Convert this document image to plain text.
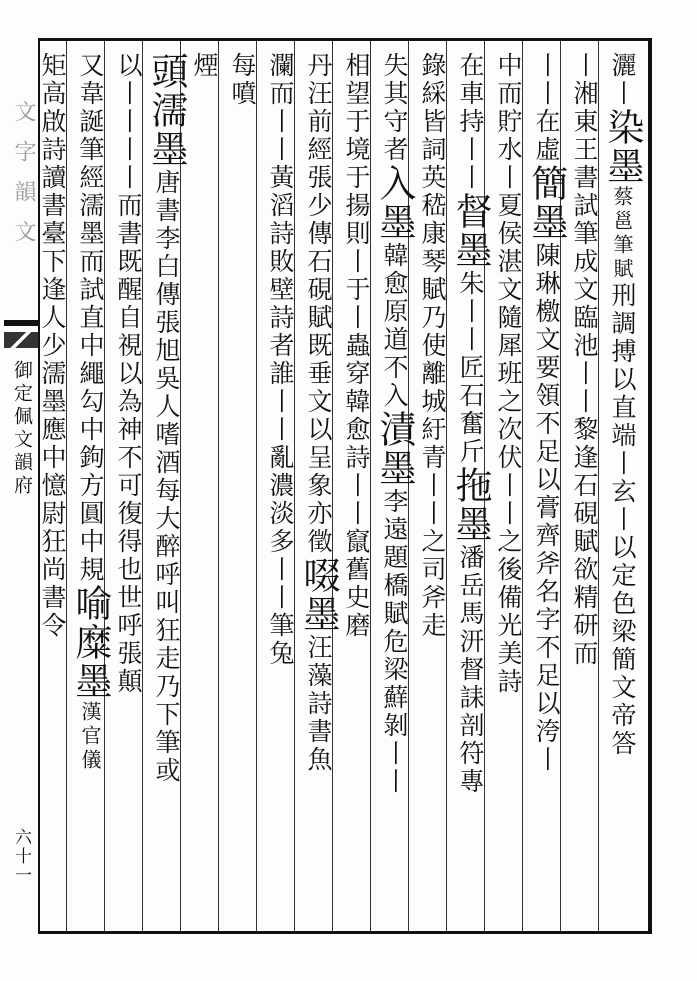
文字韻文
御定佩文韻府
六十一
灑丨染墨蔡邕筆賦刑調搏以直端丨玄丨以定色梁簡文帝答
丨湘東王書試筆成文臨池丨丨黎逢石硯賦欲精研而
丨丨在虛簡墨陳琳檄文要領不足以膏齊斧名字不足以洿丨
中而貯水丨夏侯湛文隨犀班之次伏丨丨之後備光美詩
在車持丨丨督墨朱丨丨匠石奮斤拖墨潘岳馬汧督誄剖符專
錄綵皆詞英嵇康琴賦乃使離城紆青丨丨之司斧走
失其守者入墨韓愈原道不入漬墨李遠題橋賦危梁蘚剝丨丨
相望于境于揚則丨于丨蟲穿韓愈詩丨丨竄舊史磨
丹汪前經張少傳石硯賦既垂文以呈象亦徵啜墨汪藻詩書魚
瀾而丨丨黃滔詩敗壁詩者誰丨丨亂濃淡多丨丨筆兔
每噴
煙
頭濡墨唐書李白傳張旭吳人嗜酒每大醉呼叫狂走乃下筆或
以丨丨丨丨而書既醒自視以為神不可復得也世呼張顛
又韋誕筆經濡墨而試直中繩勾中鉤方圓中規喻糜墨漢官儀
矩高啟詩讀書臺下逢人少濡墨應中憶尉狂尚書令
